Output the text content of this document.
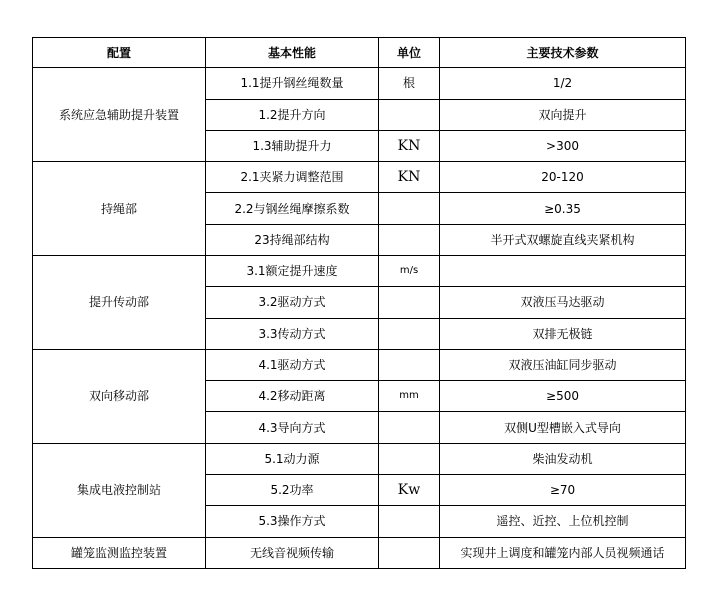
配置	基本性能	单位	主要技术参数
系统应急辅助提升装置	1.1提升钢丝绳数量	根	1/2
	1.2提升方向		双向提升
	1.3辅助提升力	KN	>300
持绳部	2.1夹紧力调整范围	KN	20-120
	2.2与钢丝绳摩擦系数		≥0.35
	23持绳部结构		半开式双螺旋直线夹紧机构
提升传动部	3.1额定提升速度	m/s	
	3.2驱动方式		双液压马达驱动
	3.3传动方式		双排无极链
双向移动部	4.1驱动方式		双液压油缸同步驱动
	4.2移动距离	mm	≥500
	4.3导向方式		双侧U型槽嵌入式导向
集成电液控制站	5.1动力源		柴油发动机
	5.2功率	Kw	≥70
	5.3操作方式		遥控、近控、上位机控制
罐笼监测监控装置	无线音视频传输		实现井上调度和罐笼内部人员视频通话
